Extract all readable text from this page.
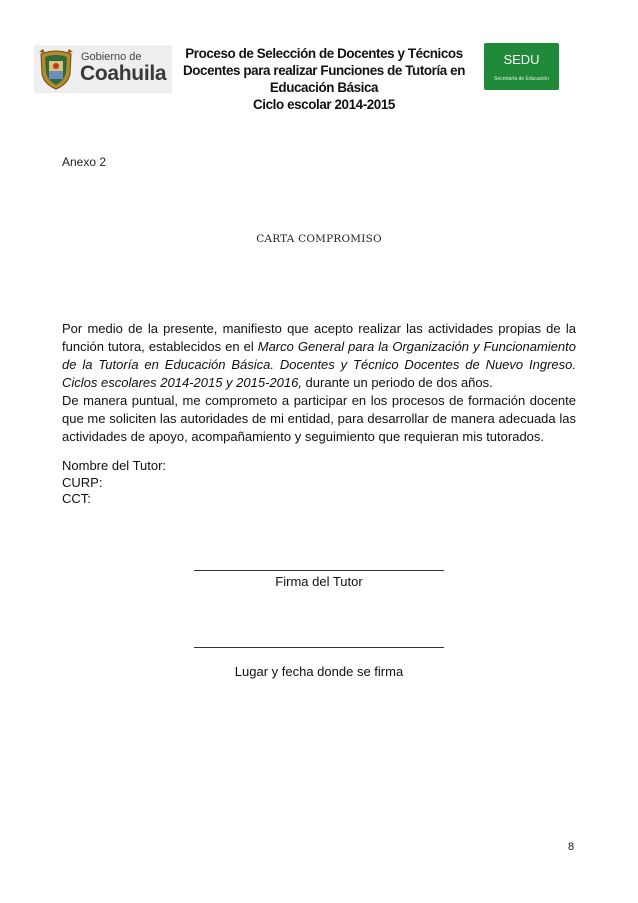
Gobierno de
Coahuila
Proceso de Selección de Docentes y Técnicos
Docentes para realizar Funciones de Tutoría en
Educación Básica
Ciclo escolar 2014-2015
SEDU
Secretaría de Educación
Anexo 2
CARTA COMPROMISO
Por medio de la presente, manifiesto que acepto realizar las actividades propias de la función tutora, establecidos en el Marco General para la Organización y Funcionamiento de la Tutoría en Educación Básica. Docentes y Técnico Docentes de Nuevo Ingreso. Ciclos escolares 2014-2015 y 2015-2016, durante un periodo de dos años.
De manera puntual, me comprometo a participar en los procesos de formación docente que me soliciten las autoridades de mi entidad, para desarrollar de manera adecuada las actividades de apoyo, acompañamiento y seguimiento que requieran mis tutorados.
Nombre del Tutor:
CURP:
CCT:
Firma del Tutor
Lugar y fecha donde se firma
8
